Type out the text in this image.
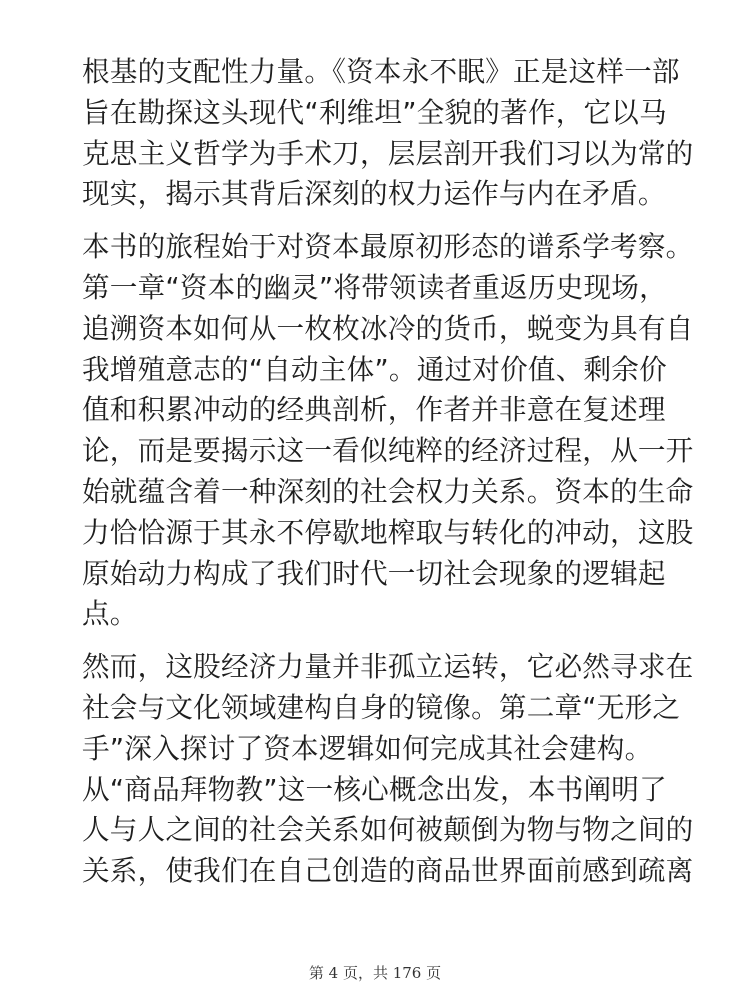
根基的支配性力量。《资本永不眠》正是这样一部
旨在勘探这头现代“利维坦”全貌的著作，它以马
克思主义哲学为手术刀，层层剖开我们习以为常的
现实，揭示其背后深刻的权力运作与内在矛盾。

本书的旅程始于对资本最原初形态的谱系学考察。
第一章“资本的幽灵”将带领读者重返历史现场，
追溯资本如何从一枚枚冰冷的货币，蜕变为具有自
我增殖意志的“自动主体”。通过对价值、剩余价
值和积累冲动的经典剖析，作者并非意在复述理
论，而是要揭示这一看似纯粹的经济过程，从一开
始就蕴含着一种深刻的社会权力关系。资本的生命
力恰恰源于其永不停歇地榨取与转化的冲动，这股
原始动力构成了我们时代一切社会现象的逻辑起
点。

然而，这股经济力量并非孤立运转，它必然寻求在
社会与文化领域建构自身的镜像。第二章“无形之
手”深入探讨了资本逻辑如何完成其社会建构。
从“商品拜物教”这一核心概念出发，本书阐明了
人与人之间的社会关系如何被颠倒为物与物之间的
关系，使我们在自己创造的商品世界面前感到疏离

第 4 页，共 176 页
